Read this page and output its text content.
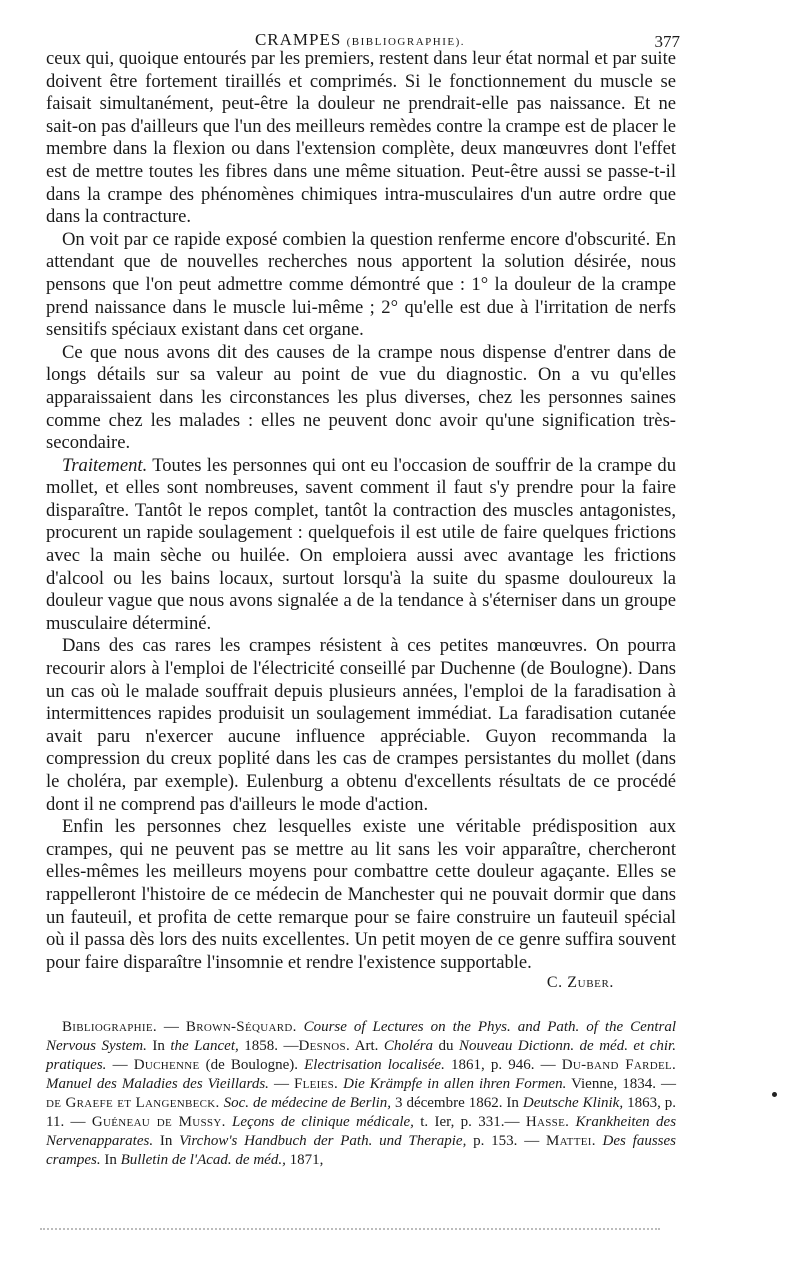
CRAMPES (BIBLIOGRAPHIE).	377

ceux qui, quoique entourés par les premiers, restent dans leur état normal et par suite doivent être fortement tiraillés et comprimés. Si le fonctionnement du muscle se faisait simultanément, peut-être la douleur ne prendrait-elle pas naissance. Et ne sait-on pas d'ailleurs que l'un des meilleurs remèdes contre la crampe est de placer le membre dans la flexion ou dans l'extension complète, deux manœuvres dont l'effet est de mettre toutes les fibres dans une même situation. Peut-être aussi se passe-t-il dans la crampe des phénomènes chimiques intra-musculaires d'un autre ordre que dans la contracture.

On voit par ce rapide exposé combien la question renferme encore d'obscurité. En attendant que de nouvelles recherches nous apportent la solution désirée, nous pensons que l'on peut admettre comme démontré que : 1° la douleur de la crampe prend naissance dans le muscle lui-même ; 2° qu'elle est due à l'irritation de nerfs sensitifs spéciaux existant dans cet organe.

Ce que nous avons dit des causes de la crampe nous dispense d'entrer dans de longs détails sur sa valeur au point de vue du diagnostic. On a vu qu'elles apparaissaient dans les circonstances les plus diverses, chez les personnes saines comme chez les malades : elles ne peuvent donc avoir qu'une signification très-secondaire.

Traitement. Toutes les personnes qui ont eu l'occasion de souffrir de la crampe du mollet, et elles sont nombreuses, savent comment il faut s'y prendre pour la faire disparaître. Tantôt le repos complet, tantôt la contraction des muscles antagonistes, procurent un rapide soulagement : quelquefois il est utile de faire quelques frictions avec la main sèche ou huilée. On emploiera aussi avec avantage les frictions d'alcool ou les bains locaux, surtout lorsqu'à la suite du spasme douloureux la douleur vague que nous avons signalée a de la tendance à s'éterniser dans un groupe musculaire déterminé.

Dans des cas rares les crampes résistent à ces petites manœuvres. On pourra recourir alors à l'emploi de l'électricité conseillé par Duchenne (de Boulogne). Dans un cas où le malade souffrait depuis plusieurs années, l'emploi de la faradisation à intermittences rapides produisit un soulagement immédiat. La faradisation cutanée avait paru n'exercer aucune influence appréciable. Guyon recommanda la compression du creux poplité dans les cas de crampes persistantes du mollet (dans le choléra, par exemple). Eulenburg a obtenu d'excellents résultats de ce procédé dont il ne comprend pas d'ailleurs le mode d'action.

Enfin les personnes chez lesquelles existe une véritable prédisposition aux crampes, qui ne peuvent pas se mettre au lit sans les voir apparaître, chercheront elles-mêmes les meilleurs moyens pour combattre cette douleur agaçante. Elles se rappelleront l'histoire de ce médecin de Manchester qui ne pouvait dormir que dans un fauteuil, et profita de cette remarque pour se faire construire un fauteuil spécial où il passa dès lors des nuits excellentes. Un petit moyen de ce genre suffira souvent pour faire disparaître l'insomnie et rendre l'existence supportable.

C. Zuber.

Bibliographie. — Brown-Séquard. Course of Lectures on the Phys. and Path. of the Central Nervous System. In the Lancet, 1858. —Desnos. Art. Choléra du Nouveau Dictionn. de méd. et chir. pratiques. — Duchenne (de Boulogne). Electrisation localisée. 1861, p. 946. — Du-band Fardel. Manuel des Maladies des Vieillards. — Fleies. Die Krämpfe in allen ihren Formen. Vienne, 1834. — de Graefe et Langenbeck. Soc. de médecine de Berlin, 3 décembre 1862. In Deutsche Klinik, 1863, p. 11. — Guéneau de Mussy. Leçons de clinique médicale, t. Ier, p. 331.— Hasse. Krankheiten des Nervenapparates. In Virchow's Handbuch der Path. und Therapie, p. 153. — Mattei. Des fausses crampes. In Bulletin de l'Acad. de méd., 1871,
